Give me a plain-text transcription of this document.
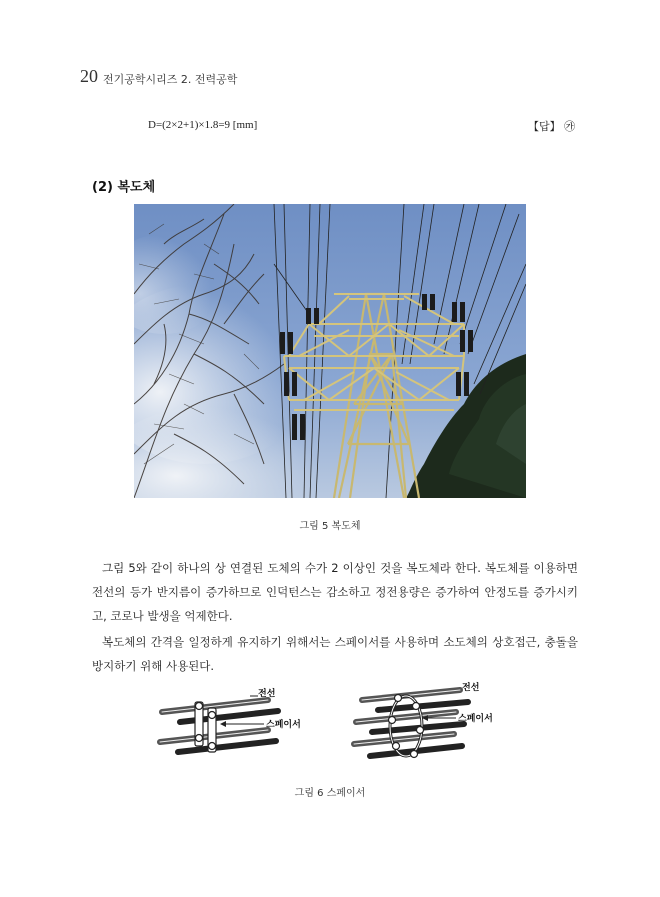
20 전기공학시리즈 2. 전력공학
D=(2×2+1)×1.8=9 [mm]	【답】 ㉮
(2) 복도체
그림 5 복도체
그림 5와 같이 하나의 상 연결된 도체의 수가 2 이상인 것을 복도체라 한다. 복도체를 이용하면 전선의 등가 반지름이 증가하므로 인덕턴스는 감소하고 정전용량은 증가하여 안정도를 증가시키고, 코로나 발생을 억제한다.
복도체의 간격을 일정하게 유지하기 위해서는 스페이서를 사용하며 소도체의 상호접근, 충돌을 방지하기 위해 사용된다.
전선
스페이서
전선
스페이서
그림 6 스페이서
